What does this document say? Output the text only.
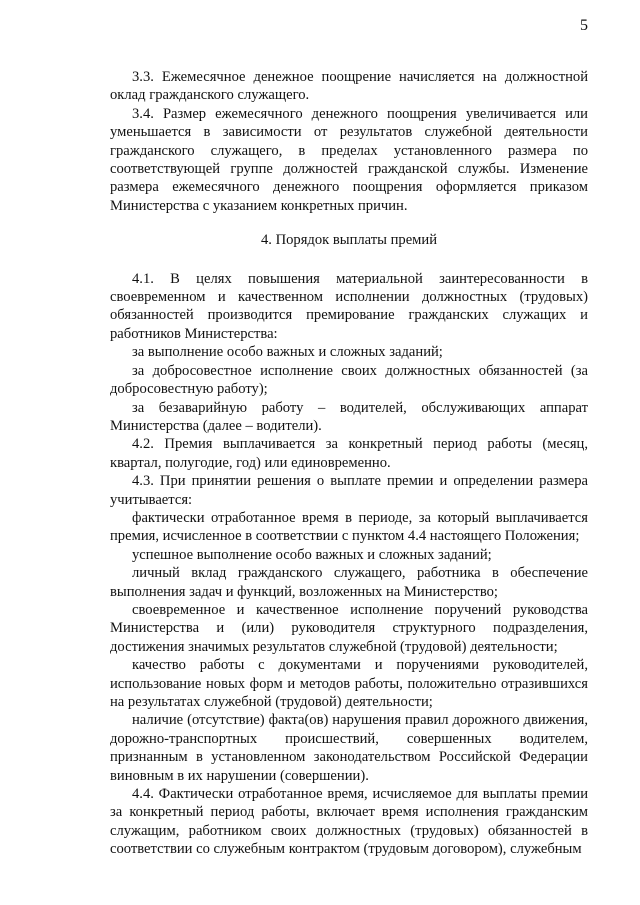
5

3.3. Ежемесячное денежное поощрение начисляется на должностной оклад гражданского служащего.

3.4. Размер ежемесячного денежного поощрения увеличивается или уменьшается в зависимости от результатов служебной деятельности гражданского служащего, в пределах установленного размера по соответствующей группе должностей гражданской службы. Изменение размера ежемесячного денежного поощрения оформляется приказом Министерства с указанием конкретных причин.

4. Порядок выплаты премий

4.1. В целях повышения материальной заинтересованности в своевременном и качественном исполнении должностных (трудовых) обязанностей производится премирование гражданских служащих и работников Министерства:

за выполнение особо важных и сложных заданий;

за добросовестное исполнение своих должностных обязанностей (за добросовестную работу);

за безаварийную работу – водителей, обслуживающих аппарат Министерства (далее – водители).

4.2. Премия выплачивается за конкретный период работы (месяц, квартал, полугодие, год) или единовременно.

4.3. При принятии решения о выплате премии и определении размера учитывается:

фактически отработанное время в периоде, за который выплачивается премия, исчисленное в соответствии с пунктом 4.4 настоящего Положения;

успешное выполнение особо важных и сложных заданий;

личный вклад гражданского служащего, работника в обеспечение выполнения задач и функций, возложенных на Министерство;

своевременное и качественное исполнение поручений руководства Министерства и (или) руководителя структурного подразделения, достижения значимых результатов служебной (трудовой) деятельности;

качество работы с документами и поручениями руководителей, использование новых форм и методов работы, положительно отразившихся на результатах служебной (трудовой) деятельности;

наличие (отсутствие) факта(ов) нарушения правил дорожного движения, дорожно-транспортных происшествий, совершенных водителем, признанным в установленном законодательством Российской Федерации виновным в их нарушении (совершении).

4.4. Фактически отработанное время, исчисляемое для выплаты премии за конкретный период работы, включает время исполнения гражданским служащим, работником своих должностных (трудовых) обязанностей в соответствии со служебным контрактом (трудовым договором), служебным
